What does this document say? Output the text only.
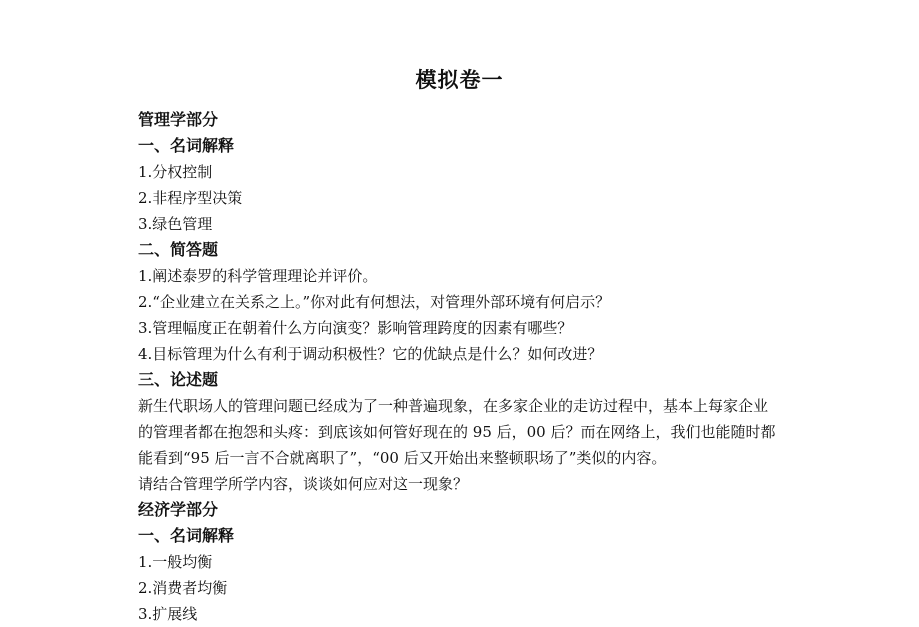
模拟卷一
管理学部分
一、名词解释
1.分权控制
2.非程序型决策
3.绿色管理
二、简答题
1.阐述泰罗的科学管理理论并评价。
2.“企业建立在关系之上。”你对此有何想法，对管理外部环境有何启示？
3.管理幅度正在朝着什么方向演变？影响管理跨度的因素有哪些？
4.目标管理为什么有利于调动积极性？它的优缺点是什么？如何改进？
三、论述题
新生代职场人的管理问题已经成为了一种普遍现象，在多家企业的走访过程中，基本上每家企业
的管理者都在抱怨和头疼：到底该如何管好现在的 95 后，00 后？而在网络上，我们也能随时都
能看到“95 后一言不合就离职了”，“00 后又开始出来整顿职场了”类似的内容。
请结合管理学所学内容，谈谈如何应对这一现象？
经济学部分
一、名词解释
1.一般均衡
2.消费者均衡
3.扩展线
